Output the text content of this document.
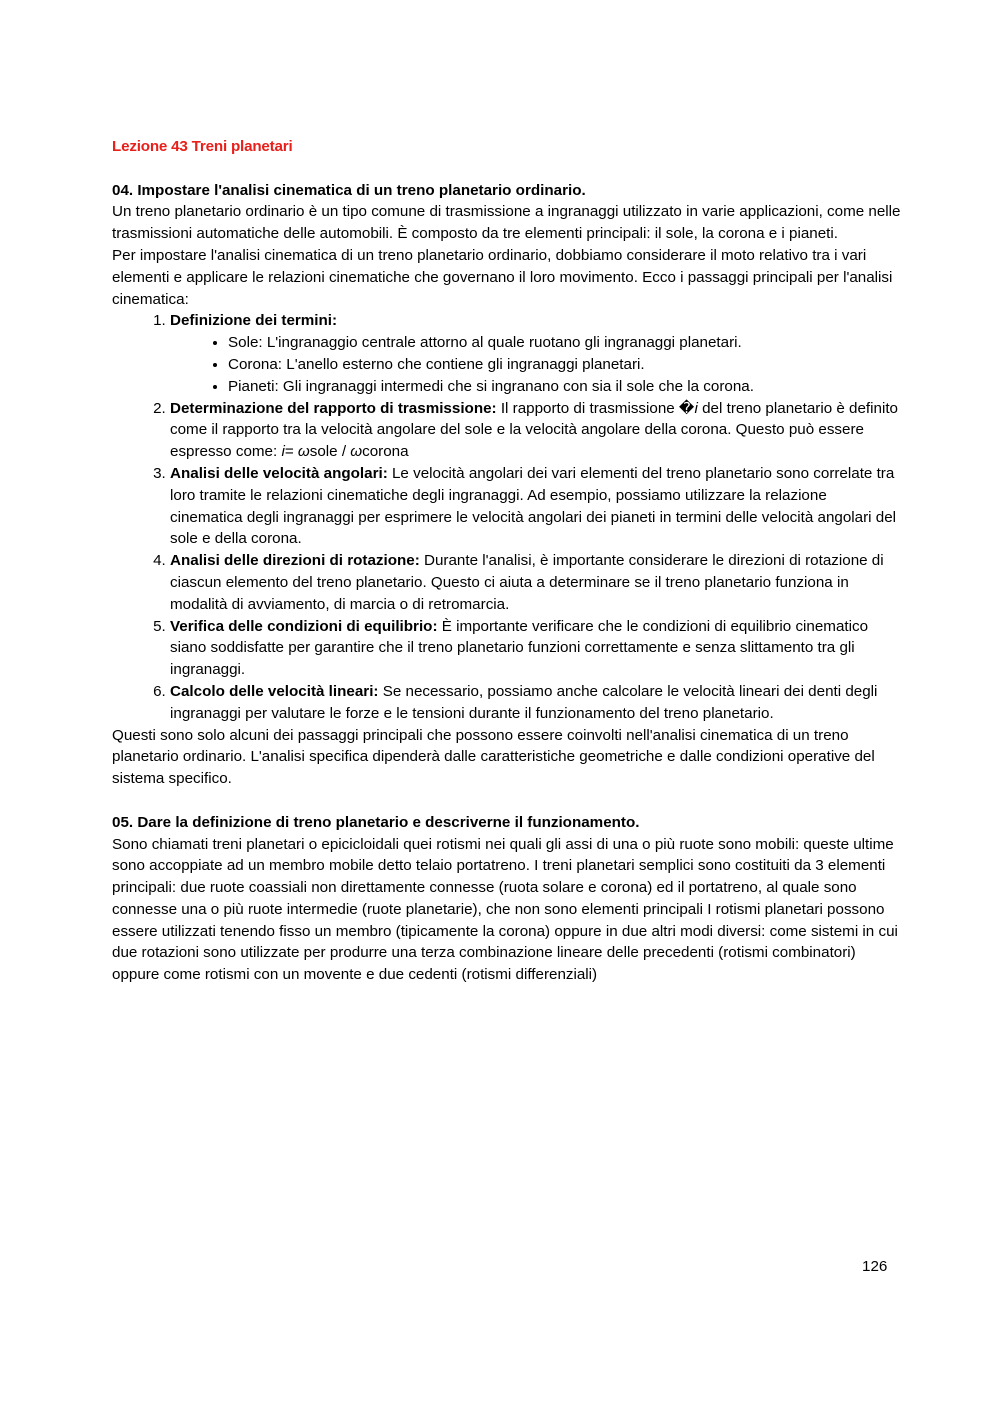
Lezione 43 Treni planetari

04. Impostare l'analisi cinematica di un treno planetario ordinario.

Un treno planetario ordinario è un tipo comune di trasmissione a ingranaggi utilizzato in varie applicazioni, come nelle trasmissioni automatiche delle automobili. È composto da tre elementi principali: il sole, la corona e i pianeti.

Per impostare l'analisi cinematica di un treno planetario ordinario, dobbiamo considerare il moto relativo tra i vari elementi e applicare le relazioni cinematiche che governano il loro movimento. Ecco i passaggi principali per l'analisi cinematica:

1. Definizione dei termini:
• Sole: L'ingranaggio centrale attorno al quale ruotano gli ingranaggi planetari.
• Corona: L'anello esterno che contiene gli ingranaggi planetari.
• Pianeti: Gli ingranaggi intermedi che si ingranano con sia il sole che la corona.
2. Determinazione del rapporto di trasmissione: Il rapporto di trasmissione �i del treno planetario è definito come il rapporto tra la velocità angolare del sole e la velocità angolare della corona. Questo può essere espresso come: i= ωsole / ωcorona
3. Analisi delle velocità angolari: Le velocità angolari dei vari elementi del treno planetario sono correlate tra loro tramite le relazioni cinematiche degli ingranaggi. Ad esempio, possiamo utilizzare la relazione cinematica degli ingranaggi per esprimere le velocità angolari dei pianeti in termini delle velocità angolari del sole e della corona.
4. Analisi delle direzioni di rotazione: Durante l'analisi, è importante considerare le direzioni di rotazione di ciascun elemento del treno planetario. Questo ci aiuta a determinare se il treno planetario funziona in modalità di avviamento, di marcia o di retromarcia.
5. Verifica delle condizioni di equilibrio: È importante verificare che le condizioni di equilibrio cinematico siano soddisfatte per garantire che il treno planetario funzioni correttamente e senza slittamento tra gli ingranaggi.
6. Calcolo delle velocità lineari: Se necessario, possiamo anche calcolare le velocità lineari dei denti degli ingranaggi per valutare le forze e le tensioni durante il funzionamento del treno planetario.

Questi sono solo alcuni dei passaggi principali che possono essere coinvolti nell'analisi cinematica di un treno planetario ordinario. L'analisi specifica dipenderà dalle caratteristiche geometriche e dalle condizioni operative del sistema specifico.

05. Dare la definizione di treno planetario e descriverne il funzionamento.

Sono chiamati treni planetari o epicicloidali quei rotismi nei quali gli assi di una o più ruote sono mobili: queste ultime sono accoppiate ad un membro mobile detto telaio portatreno. I treni planetari semplici sono costituiti da 3 elementi principali: due ruote coassiali non direttamente connesse (ruota solare e corona) ed il portatreno, al quale sono connesse una o più ruote intermedie (ruote planetarie), che non sono elementi principali I rotismi planetari possono essere utilizzati tenendo fisso un membro (tipicamente la corona) oppure in due altri modi diversi: come sistemi in cui due rotazioni sono utilizzate per produrre una terza combinazione lineare delle precedenti (rotismi combinatori) oppure come rotismi con un movente e due cedenti (rotismi differenziali)

126
